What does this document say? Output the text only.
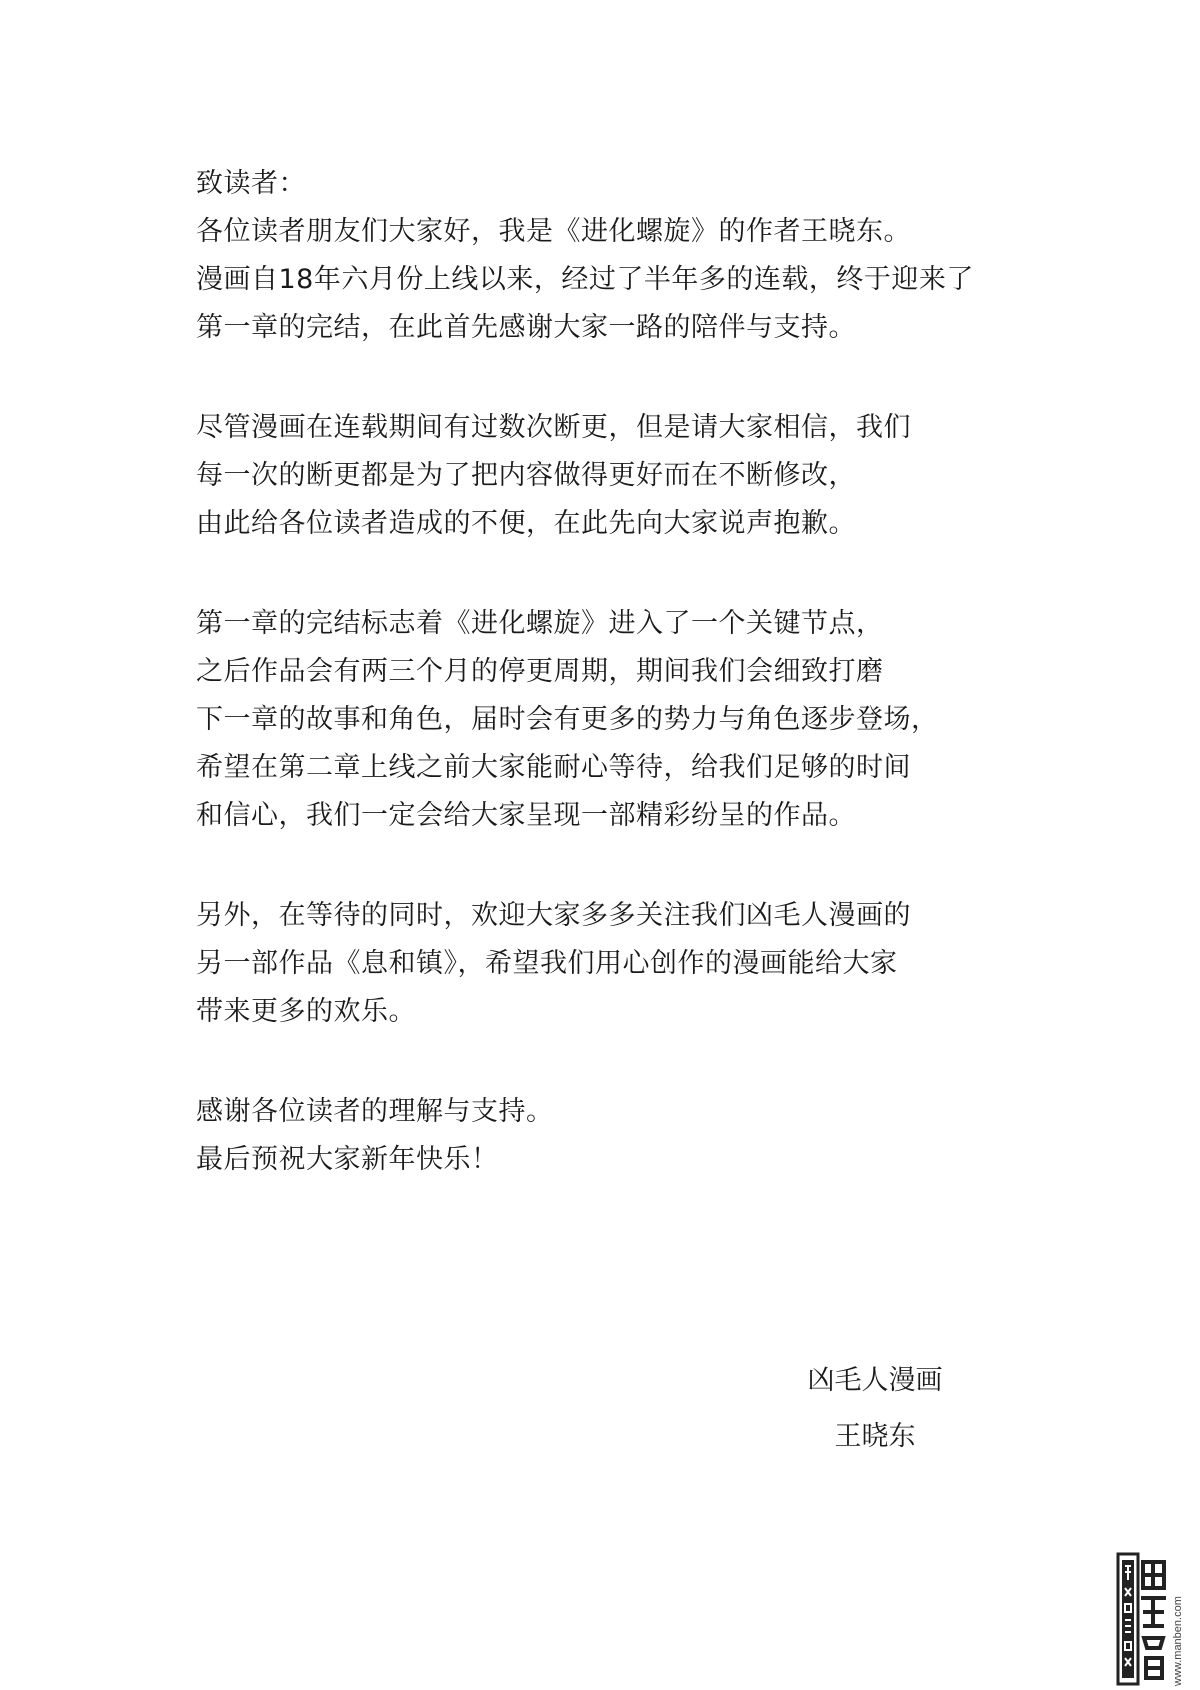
致读者：
各位读者朋友们大家好，我是《进化螺旋》的作者王晓东。
漫画自18年六月份上线以来，经过了半年多的连载，终于迎来了
第一章的完结，在此首先感谢大家一路的陪伴与支持。
尽管漫画在连载期间有过数次断更，但是请大家相信，我们
每一次的断更都是为了把内容做得更好而在不断修改，
由此给各位读者造成的不便，在此先向大家说声抱歉。
第一章的完结标志着《进化螺旋》进入了一个关键节点，
之后作品会有两三个月的停更周期，期间我们会细致打磨
下一章的故事和角色，届时会有更多的势力与角色逐步登场，
希望在第二章上线之前大家能耐心等待，给我们足够的时间
和信心，我们一定会给大家呈现一部精彩纷呈的作品。
另外，在等待的同时，欢迎大家多多关注我们凶毛人漫画的
另一部作品《息和镇》，希望我们用心创作的漫画能给大家
带来更多的欢乐。
感谢各位读者的理解与支持。
最后预祝大家新年快乐！
凶毛人漫画
王晓东
www.manben.com
